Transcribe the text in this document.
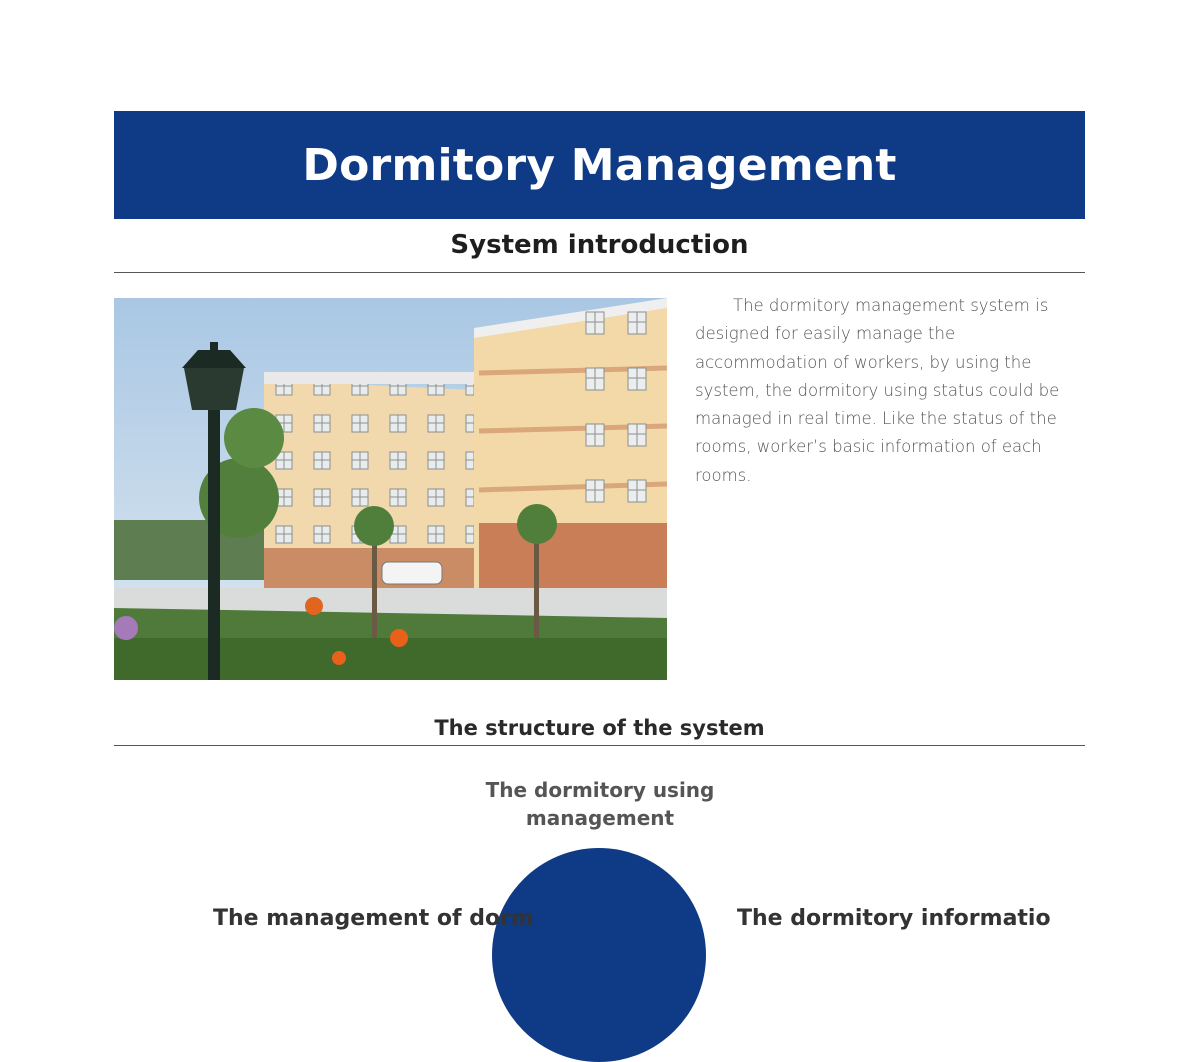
Dormitory Management
System introduction
The dormitory management system is designed for easily manage the accommodation of workers, by using the system, the dormitory using status could be managed in real time. Like the status of the rooms, worker’s basic information of each rooms.
The structure of the system
The dormitory using management
The management of dorm	The dormitory informatio
